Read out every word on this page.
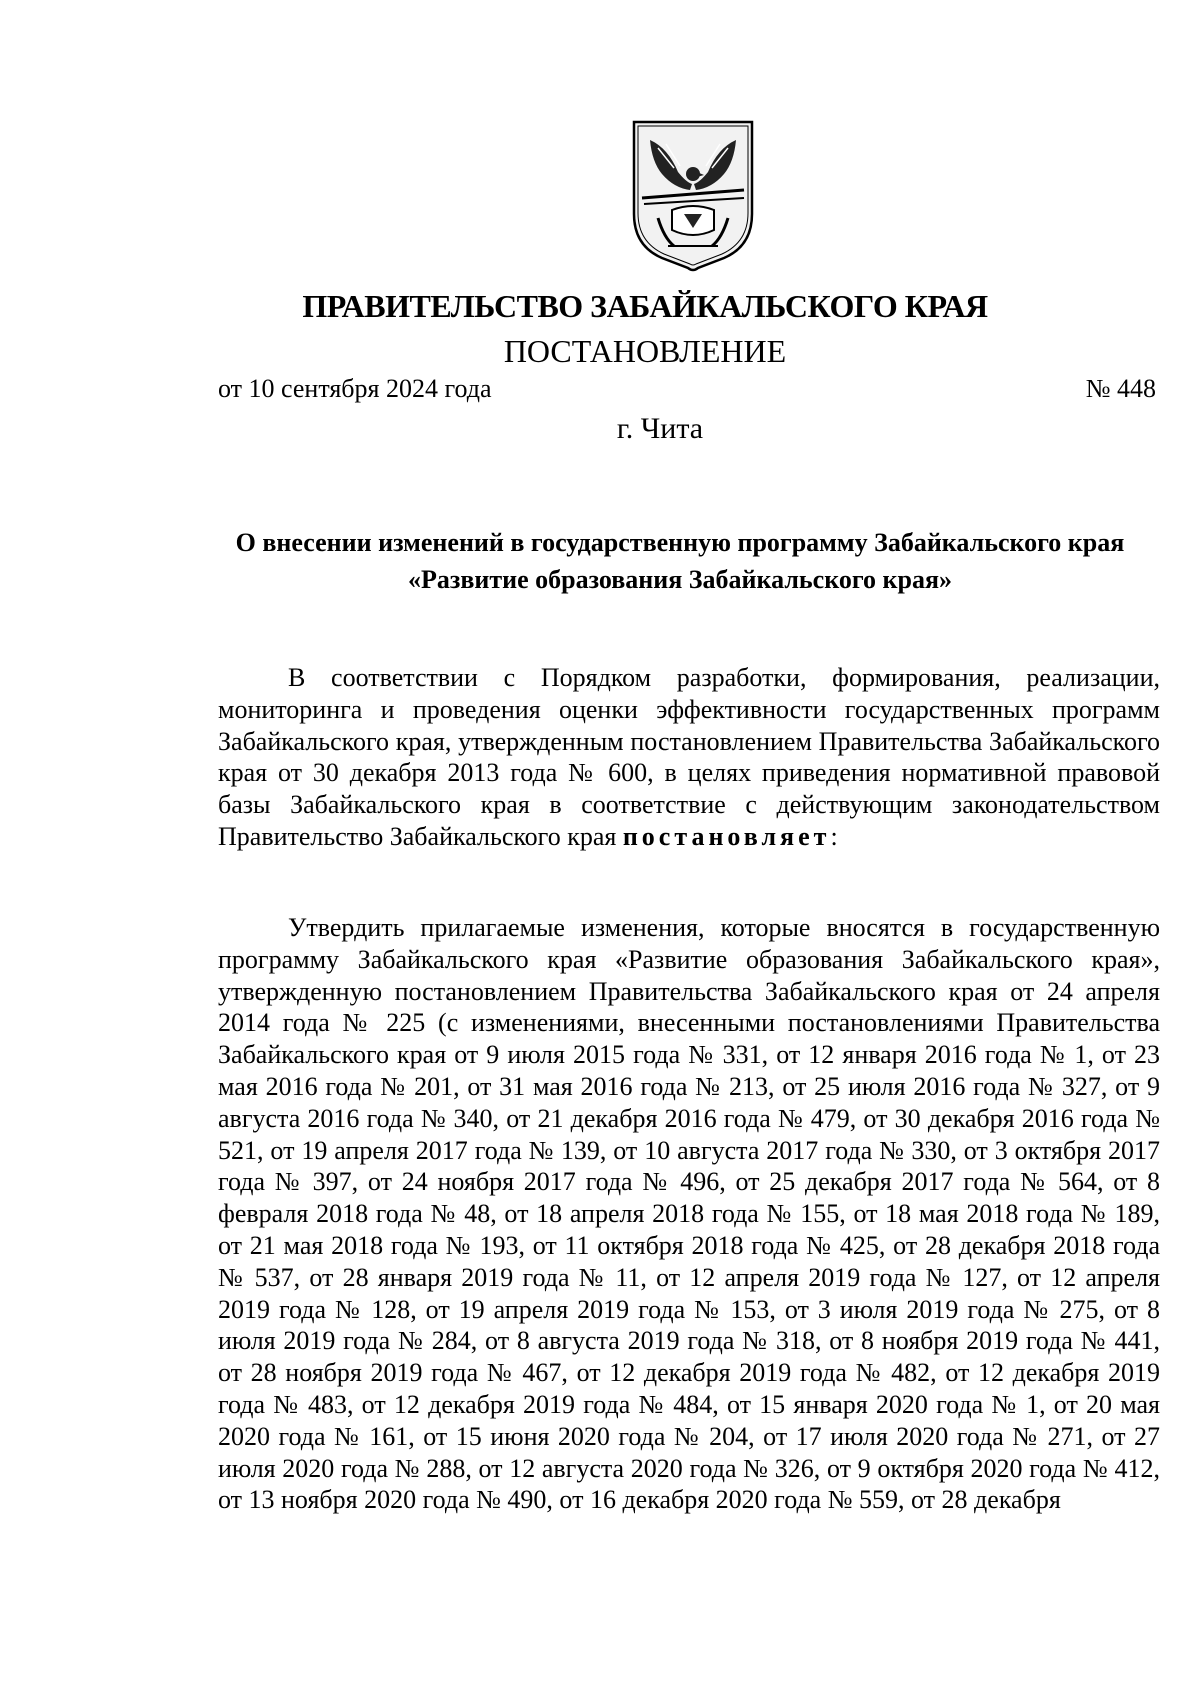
ПРАВИТЕЛЬСТВО ЗАБАЙКАЛЬСКОГО КРАЯ
ПОСТАНОВЛЕНИЕ
от 10 сентября 2024 года	№ 448
г. Чита
О внесении изменений в государственную программу Забайкальского края «Развитие образования Забайкальского края»

В соответствии с Порядком разработки, формирования, реализации, мониторинга и проведения оценки эффективности государственных программ Забайкальского края, утвержденным постановлением Правительства Забайкальского края от 30 декабря 2013 года № 600, в целях приведения нормативной правовой базы Забайкальского края в соответствие с действующим законодательством Правительство Забайкальского края постановляет:

Утвердить прилагаемые изменения, которые вносятся в государственную программу Забайкальского края «Развитие образования Забайкальского края», утвержденную постановлением Правительства Забайкальского края от 24 апреля 2014 года № 225 (с изменениями, внесенными постановлениями Правительства Забайкальского края от 9 июля 2015 года № 331, от 12 января 2016 года № 1, от 23 мая 2016 года № 201, от 31 мая 2016 года № 213, от 25 июля 2016 года № 327, от 9 августа 2016 года № 340, от 21 декабря 2016 года № 479, от 30 декабря 2016 года № 521, от 19 апреля 2017 года № 139, от 10 августа 2017 года № 330, от 3 октября 2017 года № 397, от 24 ноября 2017 года № 496, от 25 декабря 2017 года № 564, от 8 февраля 2018 года № 48, от 18 апреля 2018 года № 155, от 18 мая 2018 года № 189, от 21 мая 2018 года № 193, от 11 октября 2018 года № 425, от 28 декабря 2018 года № 537, от 28 января 2019 года № 11, от 12 апреля 2019 года № 127, от 12 апреля 2019 года № 128, от 19 апреля 2019 года № 153, от 3 июля 2019 года № 275, от 8 июля 2019 года № 284, от 8 августа 2019 года № 318, от 8 ноября 2019 года № 441, от 28 ноября 2019 года № 467, от 12 декабря 2019 года № 482, от 12 декабря 2019 года № 483, от 12 декабря 2019 года № 484, от 15 января 2020 года № 1, от 20 мая 2020 года № 161, от 15 июня 2020 года № 204, от 17 июля 2020 года № 271, от 27 июля 2020 года № 288, от 12 августа 2020 года № 326, от 9 октября 2020 года № 412, от 13 ноября 2020 года № 490, от 16 декабря 2020 года № 559, от 28 декабря
